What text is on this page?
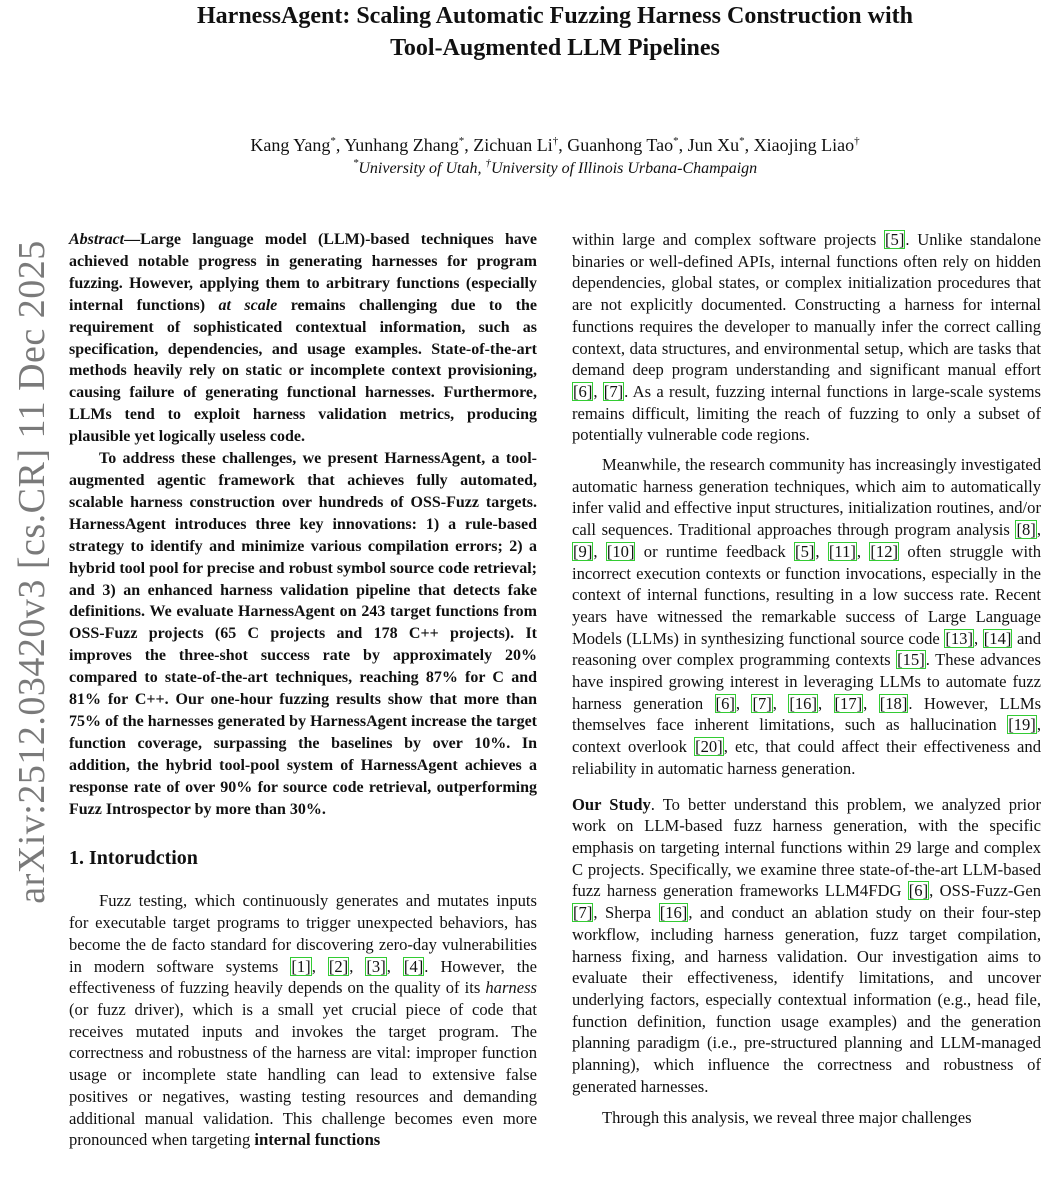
HarnessAgent: Scaling Automatic Fuzzing Harness Construction with
Tool-Augmented LLM Pipelines
Kang Yang*, Yunhang Zhang*, Zichuan Li†, Guanhong Tao*, Jun Xu*, Xiaojing Liao†
*University of Utah, †University of Illinois Urbana-Champaign
arXiv:2512.03420v3 [cs.CR] 11 Dec 2025

Abstract—Large language model (LLM)-based techniques have achieved notable progress in generating harnesses for program fuzzing. However, applying them to arbitrary functions (especially internal functions) at scale remains challenging due to the requirement of sophisticated contextual information, such as specification, dependencies, and usage examples. State-of-the-art methods heavily rely on static or incomplete context provisioning, causing failure of generating functional harnesses. Furthermore, LLMs tend to exploit harness validation metrics, producing plausible yet logically useless code.

To address these challenges, we present HarnessAgent, a tool-augmented agentic framework that achieves fully automated, scalable harness construction over hundreds of OSS-Fuzz targets. HarnessAgent introduces three key innovations: 1) a rule-based strategy to identify and minimize various compilation errors; 2) a hybrid tool pool for precise and robust symbol source code retrieval; and 3) an enhanced harness validation pipeline that detects fake definitions. We evaluate HarnessAgent on 243 target functions from OSS-Fuzz projects (65 C projects and 178 C++ projects). It improves the three-shot success rate by approximately 20% compared to state-of-the-art techniques, reaching 87% for C and 81% for C++. Our one-hour fuzzing results show that more than 75% of the harnesses generated by HarnessAgent increase the target function coverage, surpassing the baselines by over 10%. In addition, the hybrid tool-pool system of HarnessAgent achieves a response rate of over 90% for source code retrieval, outperforming Fuzz Introspector by more than 30%.

1. Intorudction

Fuzz testing, which continuously generates and mutates inputs for executable target programs to trigger unexpected behaviors, has become the de facto standard for discovering zero-day vulnerabilities in modern software systems [1], [2], [3], [4]. However, the effectiveness of fuzzing heavily depends on the quality of its harness (or fuzz driver), which is a small yet crucial piece of code that receives mutated inputs and invokes the target program. The correctness and robustness of the harness are vital: improper function usage or incomplete state handling can lead to extensive false positives or negatives, wasting testing resources and demanding additional manual validation. This challenge becomes even more pronounced when targeting internal functions

within large and complex software projects [5]. Unlike standalone binaries or well-defined APIs, internal functions often rely on hidden dependencies, global states, or complex initialization procedures that are not explicitly documented. Constructing a harness for internal functions requires the developer to manually infer the correct calling context, data structures, and environmental setup, which are tasks that demand deep program understanding and significant manual effort [6], [7]. As a result, fuzzing internal functions in large-scale systems remains difficult, limiting the reach of fuzzing to only a subset of potentially vulnerable code regions.

Meanwhile, the research community has increasingly investigated automatic harness generation techniques, which aim to automatically infer valid and effective input structures, initialization routines, and/or call sequences. Traditional approaches through program analysis [8], [9], [10] or runtime feedback [5], [11], [12] often struggle with incorrect execution contexts or function invocations, especially in the context of internal functions, resulting in a low success rate. Recent years have witnessed the remarkable success of Large Language Models (LLMs) in synthesizing functional source code [13], [14] and reasoning over complex programming contexts [15]. These advances have inspired growing interest in leveraging LLMs to automate fuzz harness generation [6], [7], [16], [17], [18]. However, LLMs themselves face inherent limitations, such as hallucination [19], context overlook [20], etc, that could affect their effectiveness and reliability in automatic harness generation.

Our Study. To better understand this problem, we analyzed prior work on LLM-based fuzz harness generation, with the specific emphasis on targeting internal functions within 29 large and complex C projects. Specifically, we examine three state-of-the-art LLM-based fuzz harness generation frameworks LLM4FDG [6], OSS-Fuzz-Gen [7], Sherpa [16], and conduct an ablation study on their four-step workflow, including harness generation, fuzz target compilation, harness fixing, and harness validation. Our investigation aims to evaluate their effectiveness, identify limitations, and uncover underlying factors, especially contextual information (e.g., head file, function definition, function usage examples) and the generation planning paradigm (i.e., pre-structured planning and LLM-managed planning), which influence the correctness and robustness of generated harnesses.

Through this analysis, we reveal three major challenges
